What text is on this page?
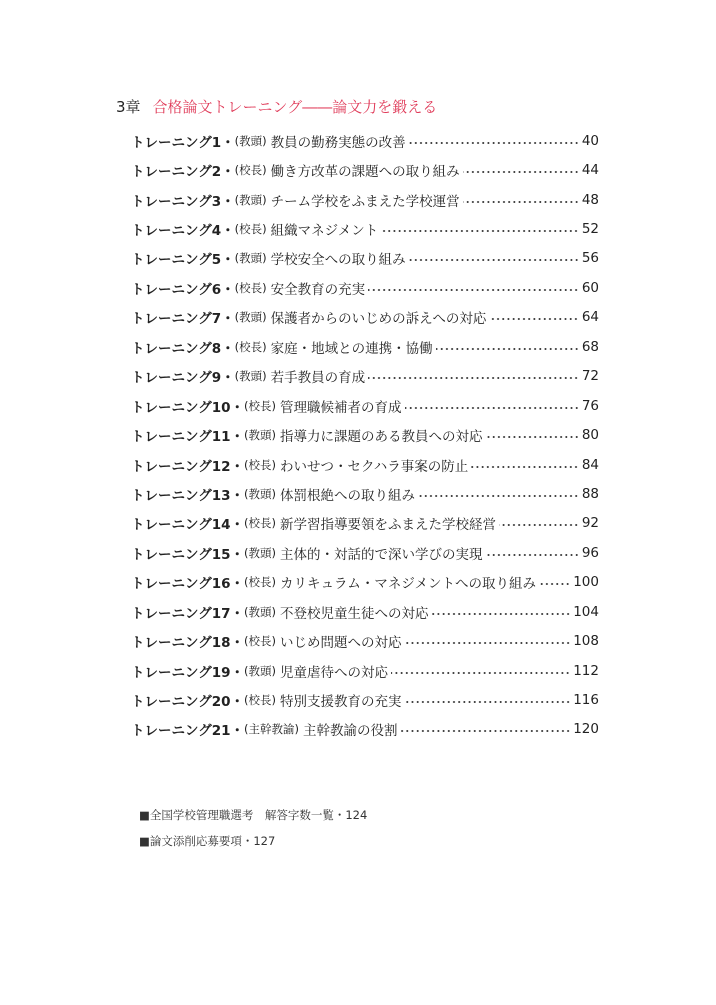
3章 合格論文トレーニング――論文力を鍛える
トレーニング1・ (教頭) 教員の勤務実態の改善	40
トレーニング2・ (校長) 働き方改革の課題への取り組み	44
トレーニング3・ (教頭) チーム学校をふまえた学校運営	48
トレーニング4・ (校長) 組織マネジメント	52
トレーニング5・ (教頭) 学校安全への取り組み	56
トレーニング6・ (校長) 安全教育の充実	60
トレーニング7・ (教頭) 保護者からのいじめの訴えへの対応	64
トレーニング8・ (校長) 家庭・地域との連携・協働	68
トレーニング9・ (教頭) 若手教員の育成	72
トレーニング10・ (校長) 管理職候補者の育成	76
トレーニング11・ (教頭) 指導力に課題のある教員への対応	80
トレーニング12・ (校長) わいせつ・セクハラ事案の防止	84
トレーニング13・ (教頭) 体罰根絶への取り組み	88
トレーニング14・ (校長) 新学習指導要領をふまえた学校経営	92
トレーニング15・ (教頭) 主体的・対話的で深い学びの実現	96
トレーニング16・ (校長) カリキュラム・マネジメントへの取り組み	100
トレーニング17・ (教頭) 不登校児童生徒への対応	104
トレーニング18・ (校長) いじめ問題への対応	108
トレーニング19・ (教頭) 児童虐待への対応	112
トレーニング20・ (校長) 特別支援教育の充実	116
トレーニング21・ (主幹教諭) 主幹教諭の役割	120
■全国学校管理職選考　解答字数一覧・124
■論文添削応募要項・127
